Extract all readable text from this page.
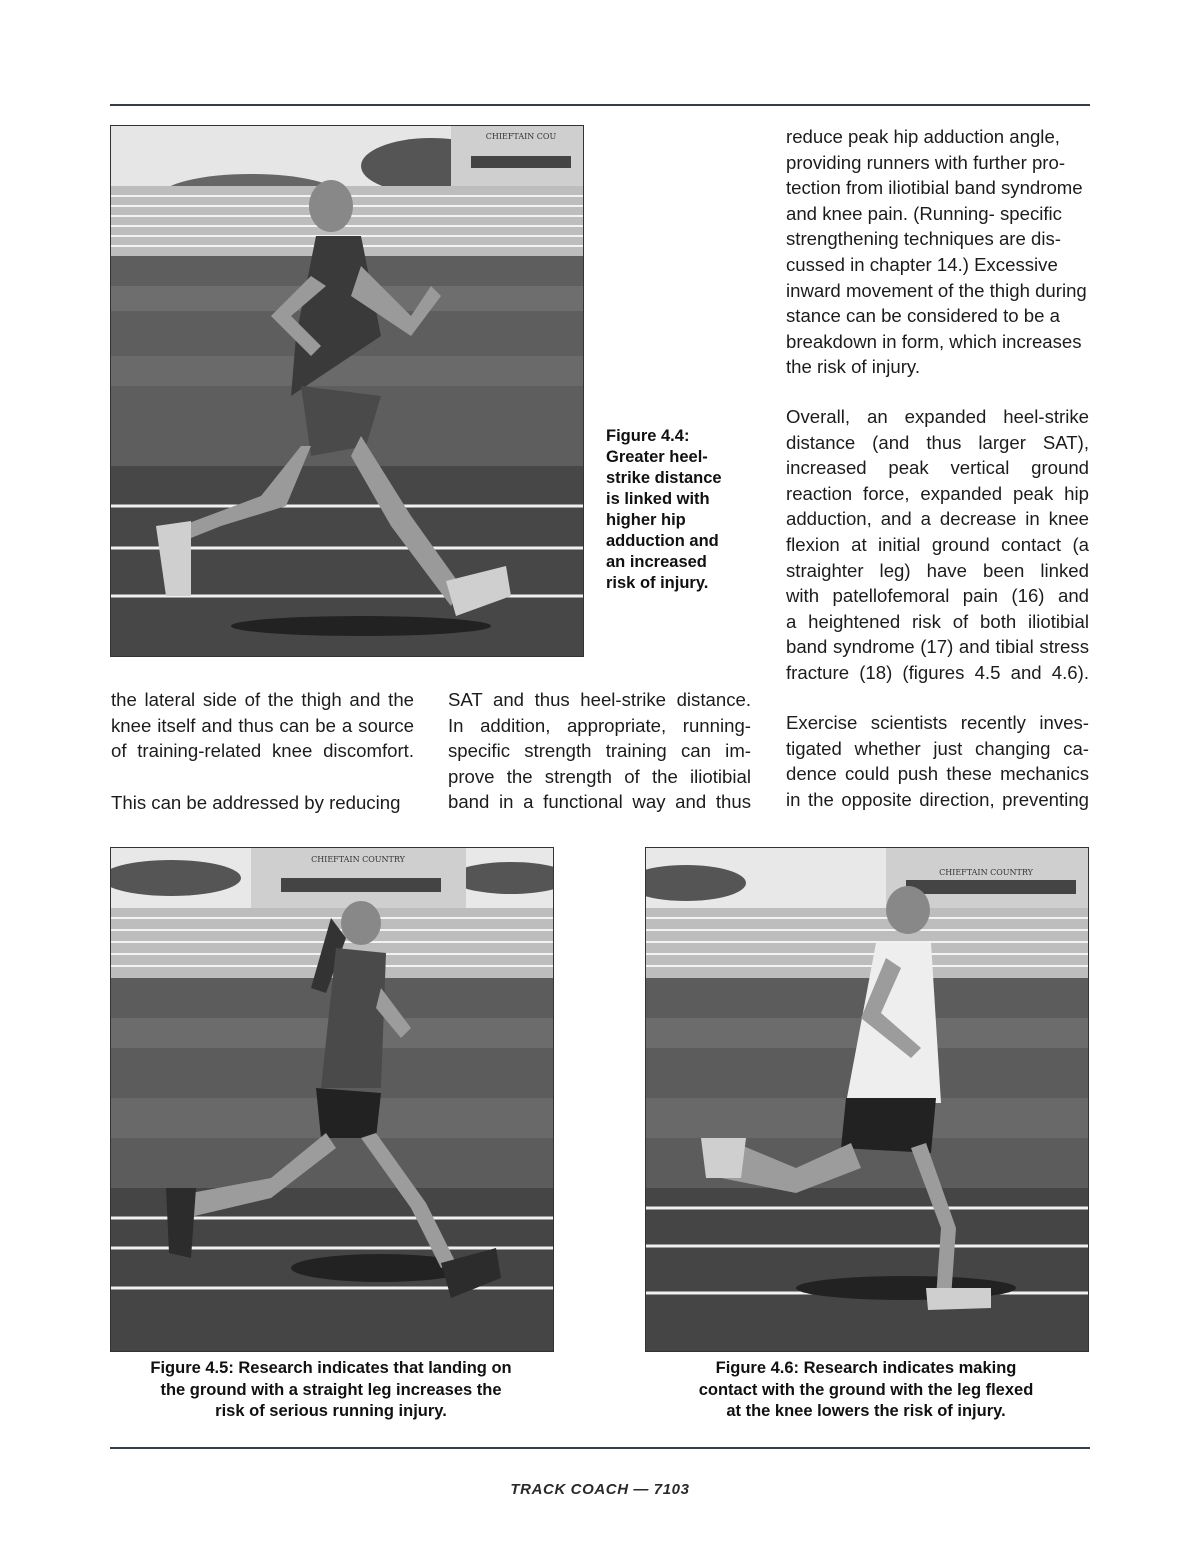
CHIEFTAIN COU
Figure 4.4:
Greater heel-
strike distance
is linked with
higher hip
adduction and
an increased
risk of injury.
reduce peak hip adduction angle,
providing runners with further pro-
tection from iliotibial band syndrome
and knee pain. (Running- specific
strengthening techniques are dis-
cussed in chapter 14.) Excessive
inward movement of the thigh during
stance can be considered to be a
breakdown in form, which increases
the risk of injury.
Overall, an expanded heel-strike
distance (and thus larger SAT),
increased peak vertical ground
reaction force, expanded peak hip
adduction, and a decrease in knee
flexion at initial ground contact (a
straighter leg) have been linked
with patellofemoral pain (16) and
a heightened risk of both iliotibial
band syndrome (17) and tibial stress
fracture (18) (figures 4.5 and 4.6).
Exercise scientists recently inves-
tigated whether just changing ca-
dence could push these mechanics
in the opposite direction, preventing
the lateral side of the thigh and the
knee itself and thus can be a source
of training-related knee discomfort.
This can be addressed by reducing
SAT and thus heel-strike distance.
In addition, appropriate, running-
specific strength training can im-
prove the strength of the iliotibial
band in a functional way and thus
CHIEFTAIN COUNTRY
CHIEFTAIN COUNTRY
Figure 4.5: Research indicates that landing on
the ground with a straight leg increases the
risk of serious running injury.
Figure 4.6: Research indicates making
contact with the ground with the leg flexed
at the knee lowers the risk of injury.
TRACK COACH — 7103
